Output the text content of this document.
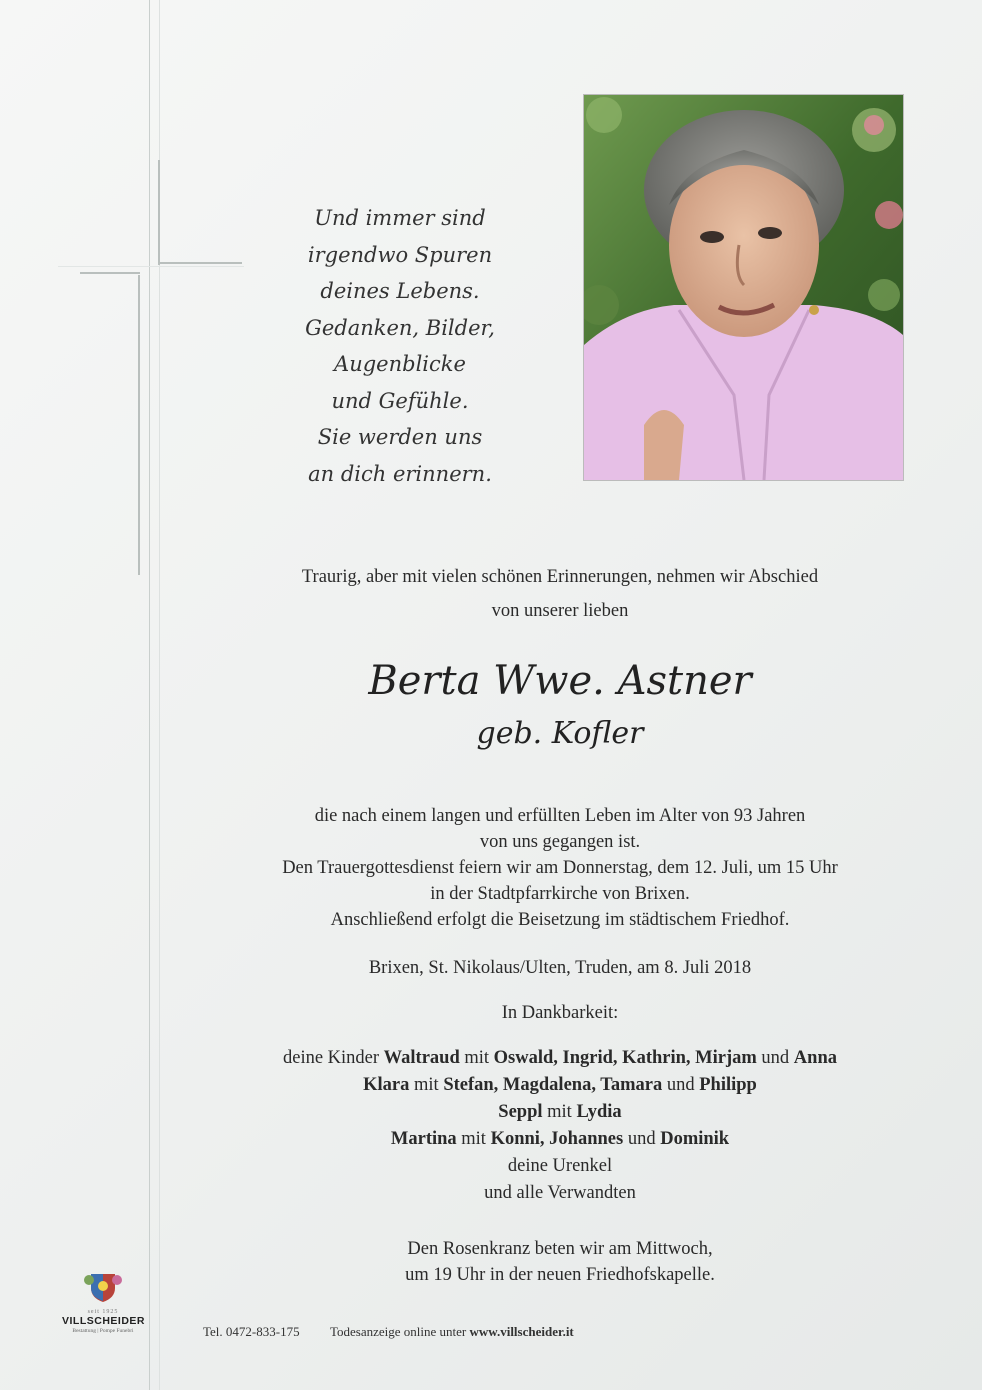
Und immer sind
irgendwo Spuren
deines Lebens.
Gedanken, Bilder,
Augenblicke
und Gefühle.
Sie werden uns
an dich erinnern.
Traurig, aber mit vielen schönen Erinnerungen, nehmen wir Abschied
von unserer lieben
Berta Wwe. Astner
geb. Kofler
die nach einem langen und erfüllten Leben im Alter von 93 Jahren
von uns gegangen ist.
Den Trauergottesdienst feiern wir am Donnerstag, dem 12. Juli, um 15 Uhr
in der Stadtpfarrkirche von Brixen.
Anschließend erfolgt die Beisetzung im städtischem Friedhof.
Brixen, St. Nikolaus/Ulten, Truden, am 8. Juli 2018
In Dankbarkeit:
deine Kinder Waltraud mit Oswald, Ingrid, Kathrin, Mirjam und Anna
Klara mit Stefan, Magdalena, Tamara und Philipp
Seppl mit Lydia
Martina mit Konni, Johannes und Dominik
deine Urenkel
und alle Verwandten
Den Rosenkranz beten wir am Mittwoch,
um 19 Uhr in der neuen Friedhofskapelle.
seit 1925
VILLSCHEIDER
Bestattung | Pompe Funebri	Tel. 0472-833-175 Todesanzeige online unter www.villscheider.it
